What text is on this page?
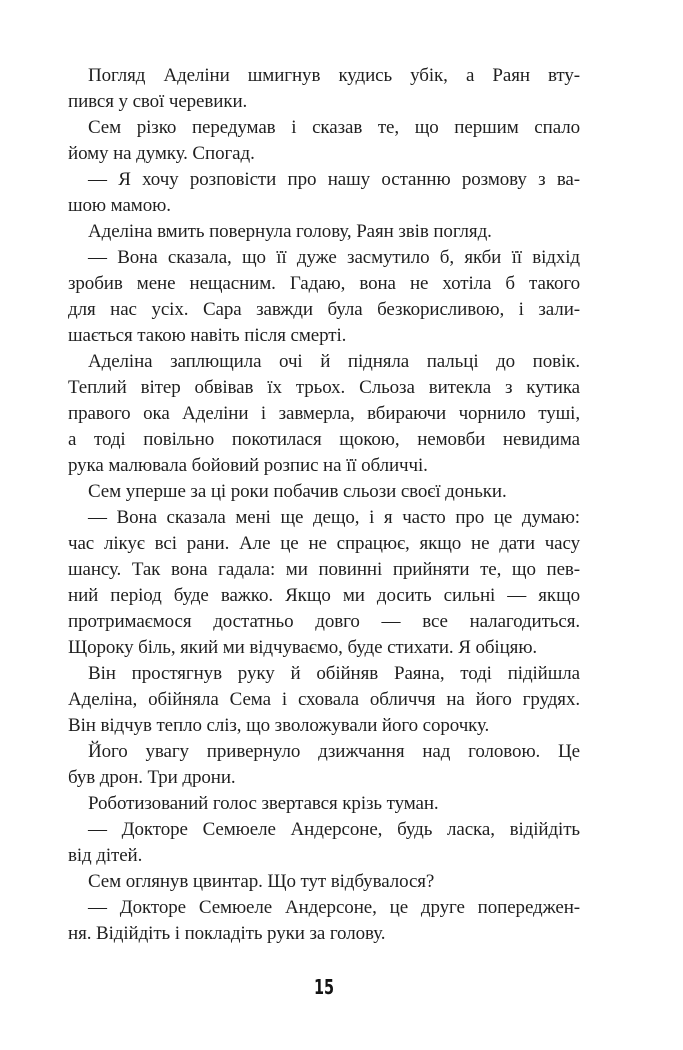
Погляд Аделіни шмигнув кудись убік, а Раян вту-
пився у свої черевики.
Сем різко передумав і сказав те, що першим спало
йому на думку. Спогад.
— Я хочу розповісти про нашу останню розмову з ва-
шою мамою.
Аделіна вмить повернула голову, Раян звів погляд.
— Вона сказала, що її дуже засмутило б, якби її відхід
зробив мене нещасним. Гадаю, вона не хотіла б такого
для нас усіх. Сара завжди була безкорисливою, і зали-
шається такою навіть після смерті.
Аделіна заплющила очі й підняла пальці до повік.
Теплий вітер обвівав їх трьох. Сльоза витекла з кутика
правого ока Аделіни і завмерла, вбираючи чорнило туші,
а тоді повільно покотилася щокою, немовби невидима
рука малювала бойовий розпис на її обличчі.
Сем уперше за ці роки побачив сльози своєї доньки.
— Вона сказала мені ще дещо, і я часто про це думаю:
час лікує всі рани. Але це не спрацює, якщо не дати часу
шансу. Так вона гадала: ми повинні прийняти те, що пев-
ний період буде важко. Якщо ми досить сильні — якщо
протримаємося достатньо довго — все налагодиться.
Щороку біль, який ми відчуваємо, буде стихати. Я обіцяю.
Він простягнув руку й обійняв Раяна, тоді підійшла
Аделіна, обійняла Сема і сховала обличчя на його грудях.
Він відчув тепло сліз, що зволожували його сорочку.
Його увагу привернуло дзижчання над головою. Це
був дрон. Три дрони.
Роботизований голос звертався крізь туман.
— Докторе Семюеле Андерсоне, будь ласка, відійдіть
від дітей.
Сем оглянув цвинтар. Що тут відбувалося?
— Докторе Семюеле Андерсоне, це друге попереджен-
ня. Відійдіть і покладіть руки за голову.
15
